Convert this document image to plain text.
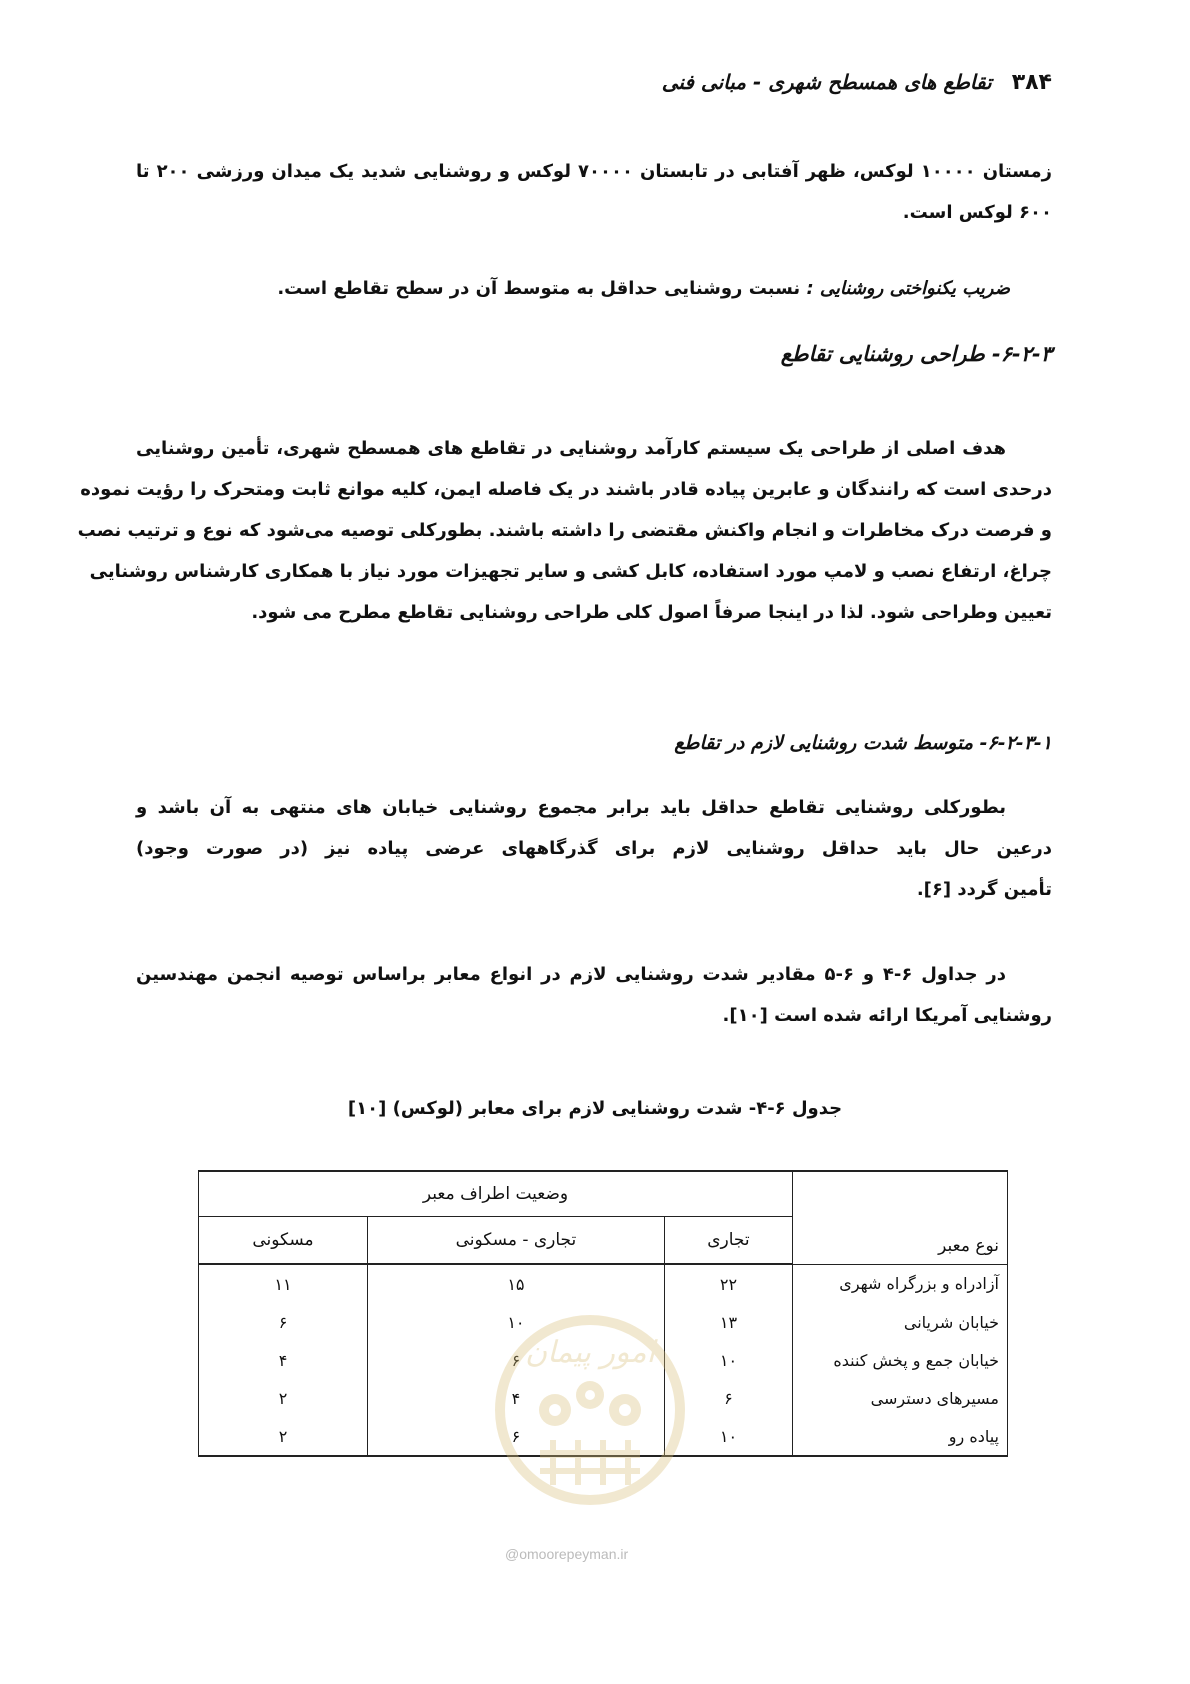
۳۸۴
تقاطع های همسطح شهری - مبانی فنی

زمستان ۱۰۰۰۰ لوکس، ظهر آفتابی در تابستان ۷۰۰۰۰ لوکس و روشنایی شدید یک میدان ورزشی ۲۰۰ تا
۶۰۰ لوکس است.

ضریب یکنواختی روشنایی : نسبت روشنایی حداقل به متوسط آن در سطح تقاطع است.

۶-۲-۳- طراحی روشنایی تقاطع

هدف اصلی از طراحی یک سیستم کارآمد روشنایی در تقاطع های همسطح شهری، تأمین روشنایی
درحدی است که رانندگان و عابرین پیاده قادر باشند در یک فاصله ایمن، کلیه موانع ثابت ومتحرک را رؤیت نموده
و فرصت درک مخاطرات و انجام واکنش مقتضی را داشته باشند. بطورکلی توصیه می‌شود که نوع و ترتیب نصب
چراغ، ارتفاع نصب و لامپ مورد استفاده، کابل کشی و سایر تجهیزات مورد نیاز با همکاری کارشناس روشنایی
تعیین وطراحی شود. لذا در اینجا صرفاً اصول کلی طراحی روشنایی تقاطع مطرح می شود.

۶-۲-۳-۱- متوسط شدت روشنایی لازم در تقاطع

بطورکلی روشنایی تقاطع حداقل باید برابر مجموع روشنایی خیابان های منتهی به آن باشد و
درعین حال باید حداقل روشنایی لازم برای گذرگاههای عرضی پیاده نیز (در صورت وجود)
تأمین گردد [۶].

در جداول ۶-۴ و ۶-۵ مقادیر شدت روشنایی لازم در انواع معابر براساس توصیه انجمن مهندسین
روشنایی آمریکا ارائه شده است [۱۰].

جدول ۶-۴- شدت روشنایی لازم برای معابر (لوکس) [۱۰]

نوع معبر	وضعیت اطراف معبر		
	تجاری	تجاری - مسکونی	مسکونی
آزادراه و بزرگراه شهری	۲۲	۱۵	۱۱
خیابان شریانی	۱۳	۱۰	۶
خیابان جمع و پخش کننده	۱۰	۶	۴
مسیرهای دسترسی	۶	۴	۲
پیاده رو	۱۰	۶	۲
امور پیمان

@omoorepeyman.ir
